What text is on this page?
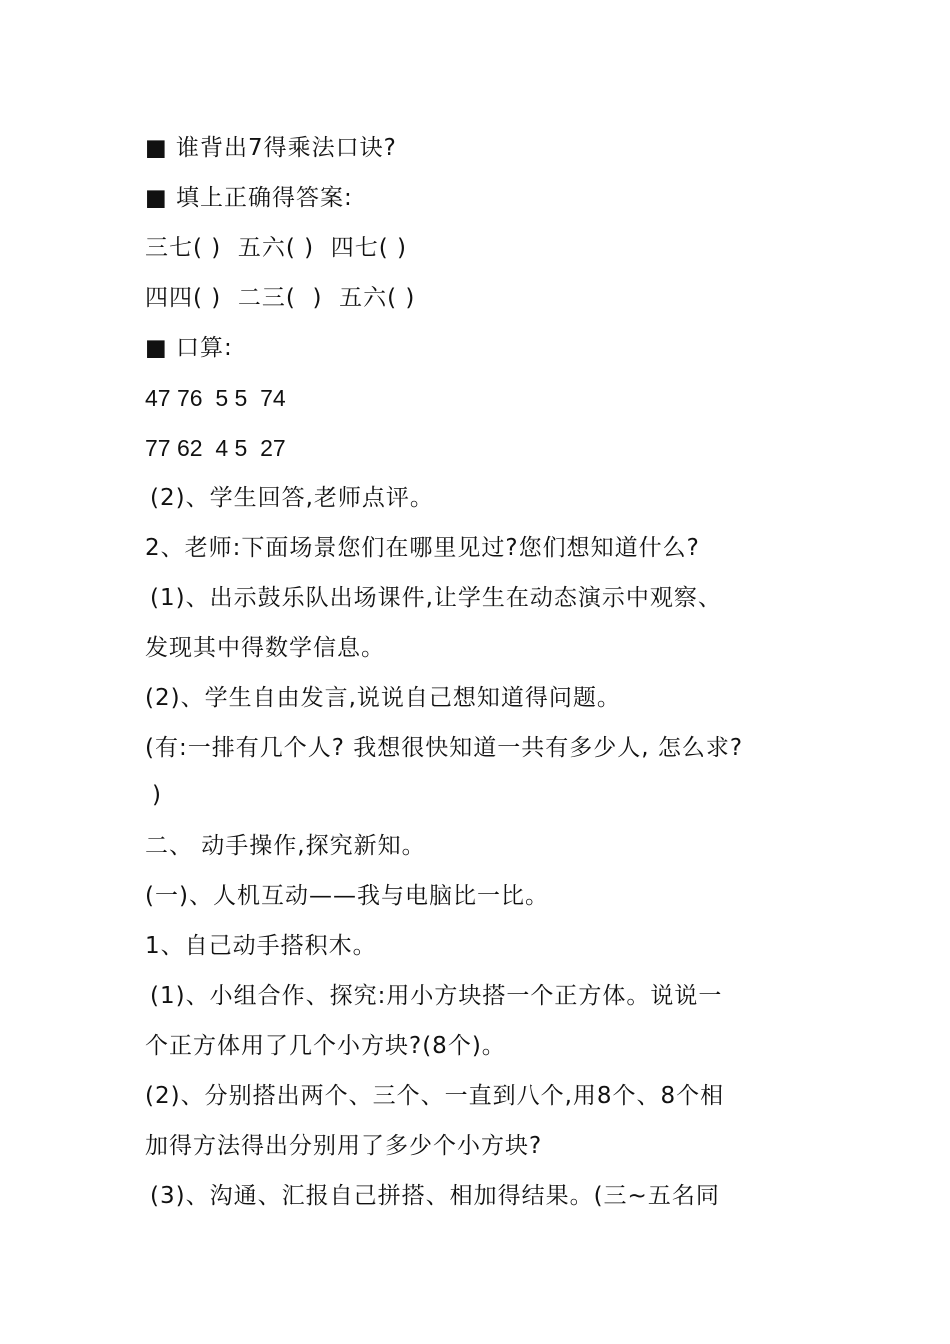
■ 谁背出7得乘法口诀?
■ 填上正确得答案:
三七( )  五六( )  四七( )
四四( )  二三(  )  五六( )
■ 口算:
47 76  5 5  74
77 62  4 5  27
(2)、学生回答,老师点评。
2、老师:下面场景您们在哪里见过?您们想知道什么?
(1)、出示鼓乐队出场课件,让学生在动态演示中观察、
发现其中得数学信息。
(2)、学生自由发言,说说自己想知道得问题。
(有:一排有几个人? 我想很快知道一共有多少人, 怎么求?
)
二、 动手操作,探究新知。
(一)、人机互动——我与电脑比一比。
1、自己动手搭积木。
(1)、小组合作、探究:用小方块搭一个正方体。说说一
个正方体用了几个小方块?(8个)。
(2)、分别搭出两个、三个、一直到八个,用8个、8个相
加得方法得出分别用了多少个小方块?
(3)、沟通、汇报自己拼搭、相加得结果。(三~五名同
